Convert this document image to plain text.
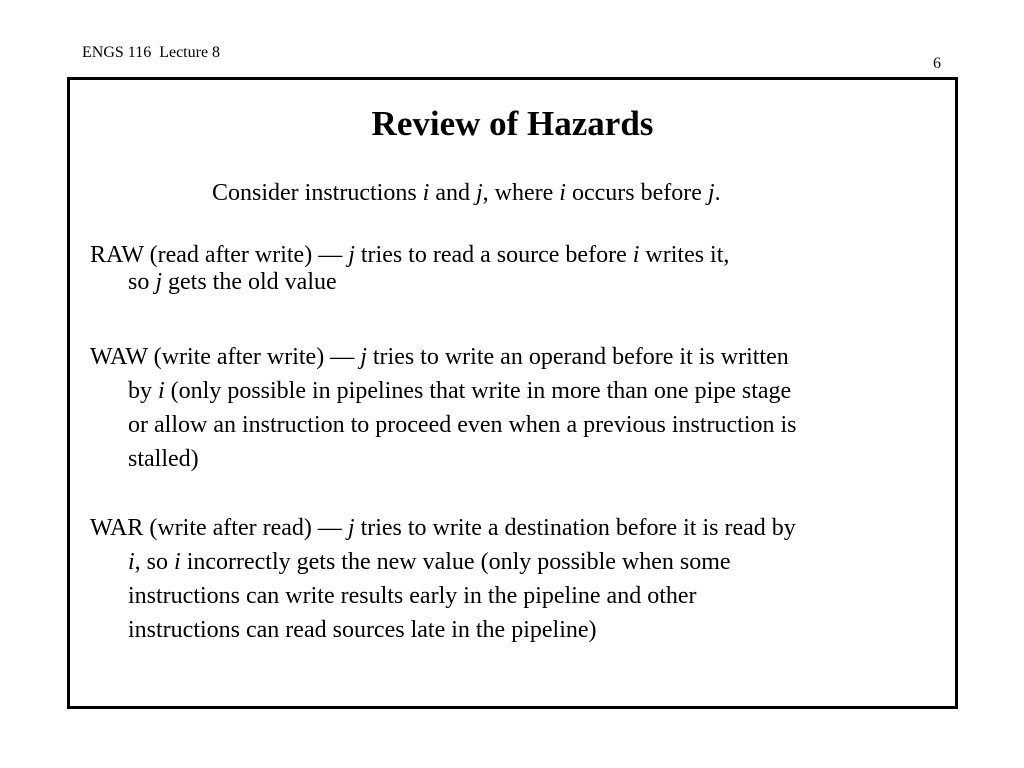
ENGS 116  Lecture 8
6
Review of Hazards
Consider instructions i and j, where i occurs before j.
RAW (read after write) — j tries to read a source before i writes it,
so j gets the old value
WAW (write after write) — j tries to write an operand before it is written
by i (only possible in pipelines that write in more than one pipe stage
or allow an instruction to proceed even when a previous instruction is
stalled)
WAR (write after read) — j tries to write a destination before it is read by
i, so i incorrectly gets the new value (only possible when some
instructions can write results early in the pipeline and other
instructions can read sources late in the pipeline)
